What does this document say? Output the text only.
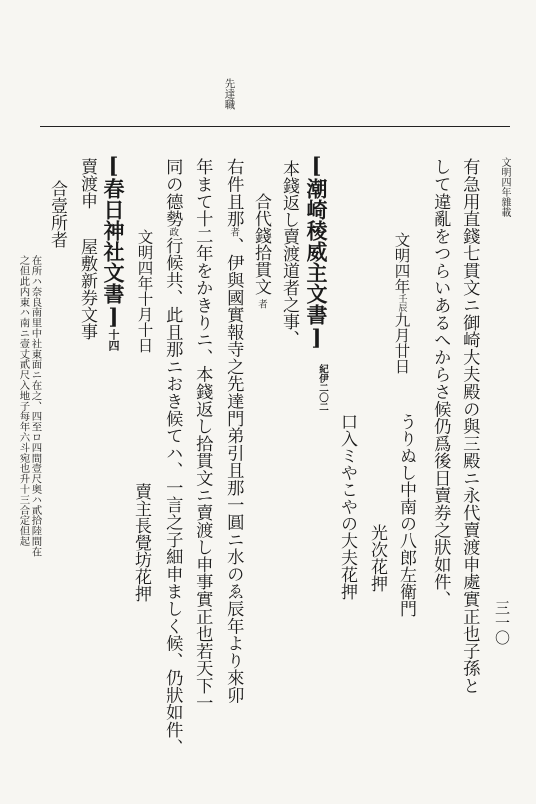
先達職
文明四年雜載
三一〇
有急用直錢七貫文ニ御崎大夫殿の與三殿ニ永代賣渡申處實正也子孫と
して違亂をつらいあるへからさ候仍爲後日賣券之狀如件、
文明四年壬辰九月廿日
うりぬし中南の八郎左衛門
光次花押
口入ミやこやの大夫花押
[潮崎稜威主文書]
二〇二
紀伊
本錢返し賣渡道者之事、
合代錢拾貫文者
右件且那者、伊與國實報寺之先達門弟引且那一圓ニ水のゑ辰年より來卯
年まて十二年をかきりニ、本錢返し拾貫文ニ賣渡し申事實正也若天下一
同の德勢政行候共、此且那ニおき候てハ、一言之子細申ましく候、仍狀如件、
文明四年十月十日
賣主長覺坊花押
[春日神社文書]十四
賣渡申
屋敷新券文事
合壹所者
在所ハ奈良南里中社東面ニ在之、四至ロ四間壹尺奥ハ貳拾陸間在
之但此内東ハ南ニ壹丈貳尺入地子每年六斗宛也升十三合定但起
